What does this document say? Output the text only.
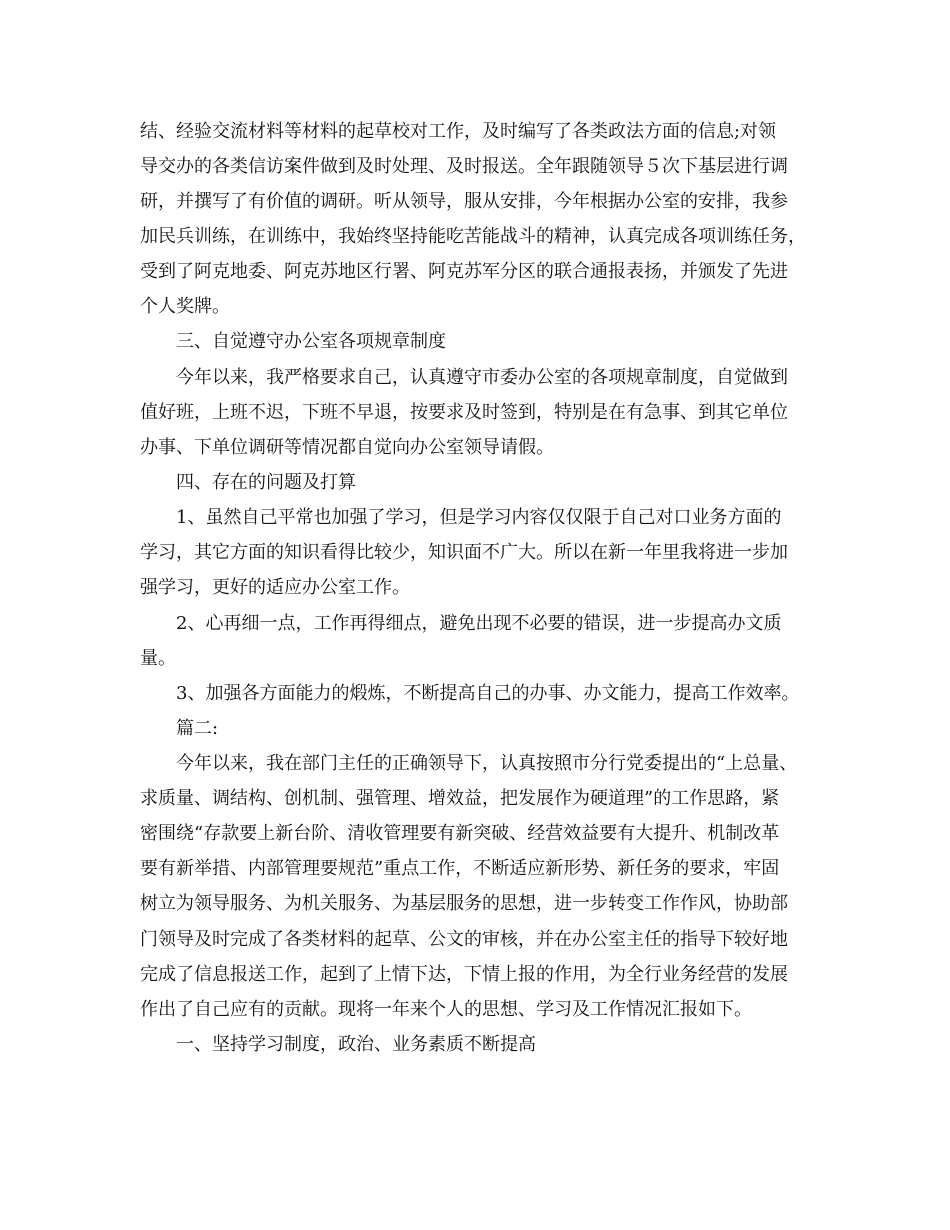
结、经验交流材料等材料的起草校对工作，及时编写了各类政法方面的信息;对领
导交办的各类信访案件做到及时处理、及时报送。全年跟随领导５次下基层进行调
研，并撰写了有价值的调研。听从领导，服从安排，今年根据办公室的安排，我参
加民兵训练，在训练中，我始终坚持能吃苦能战斗的精神，认真完成各项训练任务，
受到了阿克地委、阿克苏地区行署、阿克苏军分区的联合通报表扬，并颁发了先进
个人奖牌。
三、自觉遵守办公室各项规章制度
今年以来，我严格要求自己，认真遵守市委办公室的各项规章制度，自觉做到
值好班，上班不迟，下班不早退，按要求及时签到，特别是在有急事、到其它单位
办事、下单位调研等情况都自觉向办公室领导请假。
四、存在的问题及打算
1、虽然自己平常也加强了学习，但是学习内容仅仅限于自己对口业务方面的
学习，其它方面的知识看得比较少，知识面不广大。所以在新一年里我将进一步加
强学习，更好的适应办公室工作。
2、心再细一点，工作再得细点，避免出现不必要的错误，进一步提高办文质
量。
3、加强各方面能力的煅炼，不断提高自己的办事、办文能力，提高工作效率。
篇二:
今年以来，我在部门主任的正确领导下，认真按照市分行党委提出的“上总量、
求质量、调结构、创机制、强管理、增效益，把发展作为硬道理”的工作思路，紧
密围绕“存款要上新台阶、清收管理要有新突破、经营效益要有大提升、机制改革
要有新举措、内部管理要规范”重点工作，不断适应新形势、新任务的要求，牢固
树立为领导服务、为机关服务、为基层服务的思想，进一步转变工作作风，协助部
门领导及时完成了各类材料的起草、公文的审核，并在办公室主任的指导下较好地
完成了信息报送工作，起到了上情下达，下情上报的作用，为全行业务经营的发展
作出了自己应有的贡献。现将一年来个人的思想、学习及工作情况汇报如下。
一、坚持学习制度，政治、业务素质不断提高
